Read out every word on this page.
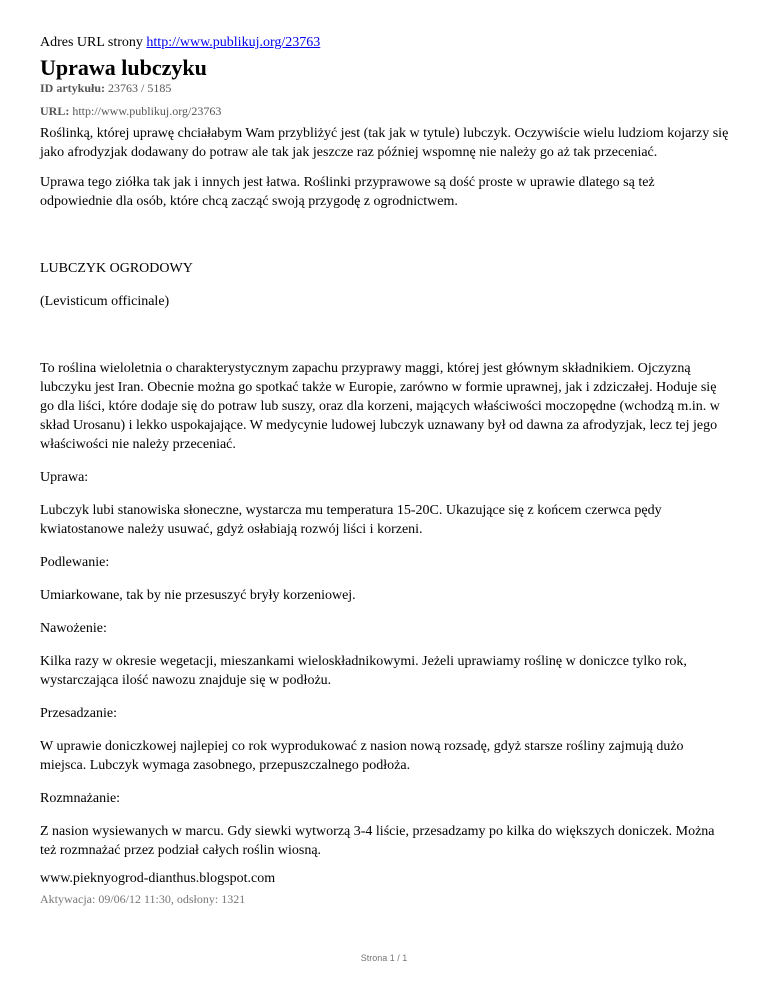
Adres URL strony http://www.publikuj.org/23763
Uprawa lubczyku
ID artykułu: 23763 / 5185
URL: http://www.publikuj.org/23763

Roślinką, której uprawę chciałabym Wam przybliżyć jest (tak jak w tytule) lubczyk. Oczywiście wielu ludziom kojarzy się jako afrodyzjak dodawany do potraw ale tak jak jeszcze raz później wspomnę nie należy go aż tak przeceniać.

Uprawa tego ziółka tak jak i innych jest łatwa. Roślinki przyprawowe są dość proste w uprawie dlatego są też odpowiednie dla osób, które chcą zacząć swoją przygodę z ogrodnictwem.

LUBCZYK OGRODOWY

(Levisticum officinale)

To roślina wieloletnia o charakterystycznym zapachu przyprawy maggi, której jest głównym składnikiem. Ojczyzną lubczyku jest Iran. Obecnie można go spotkać także w Europie, zarówno w formie uprawnej, jak i zdziczałej. Hoduje się go dla liści, które dodaje się do potraw lub suszy, oraz dla korzeni, mających właściwości moczopędne (wchodzą m.in. w skład Urosanu) i lekko uspokajające. W medycynie ludowej lubczyk uznawany był od dawna za afrodyzjak, lecz tej jego właściwości nie należy przeceniać.

Uprawa:

Lubczyk lubi stanowiska słoneczne, wystarcza mu temperatura 15-20C. Ukazujące się z końcem czerwca pędy kwiatostanowe należy usuwać, gdyż osłabiają rozwój liści i korzeni.

Podlewanie:

Umiarkowane, tak by nie przesuszyć bryły korzeniowej.

Nawożenie:

Kilka razy w okresie wegetacji, mieszankami wieloskładnikowymi. Jeżeli uprawiamy roślinę w doniczce tylko rok, wystarczająca ilość nawozu znajduje się w podłożu.

Przesadzanie:

W uprawie doniczkowej najlepiej co rok wyprodukować z nasion nową rozsadę, gdyż starsze rośliny zajmują dużo miejsca. Lubczyk wymaga zasobnego, przepuszczalnego podłoża.

Rozmnażanie:

Z nasion wysiewanych w marcu. Gdy siewki wytworzą 3-4 liście, przesadzamy po kilka do większych doniczek. Można też rozmnażać przez podział całych roślin wiosną.

www.pieknyogrod-dianthus.blogspot.com
Aktywacja: 09/06/12 11:30, odsłony: 1321
Strona 1 / 1
